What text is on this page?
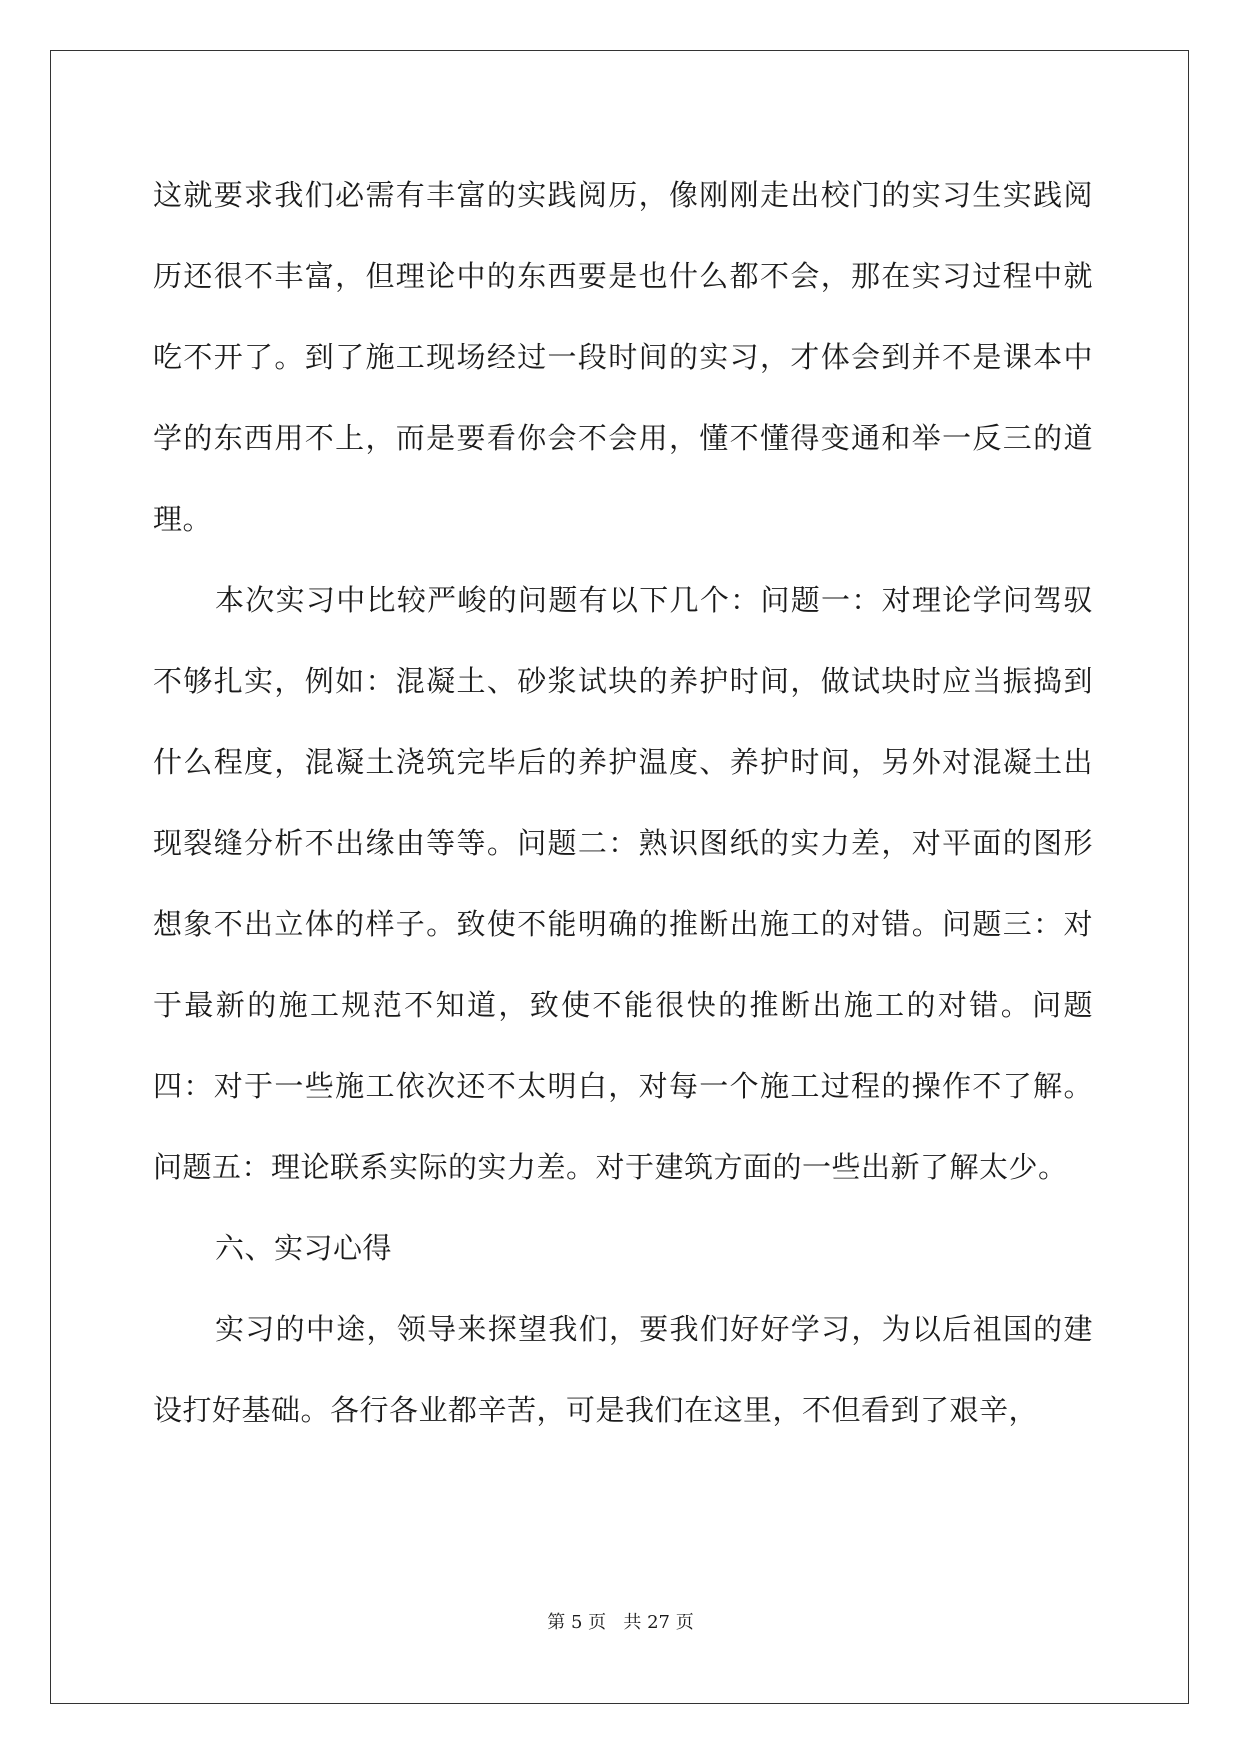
这就要求我们必需有丰富的实践阅历，像刚刚走出校门的实习生实践阅历还很不丰富，但理论中的东西要是也什么都不会，那在实习过程中就吃不开了。到了施工现场经过一段时间的实习，才体会到并不是课本中学的东西用不上，而是要看你会不会用，懂不懂得变通和举一反三的道理。

本次实习中比较严峻的问题有以下几个：问题一：对理论学问驾驭不够扎实，例如：混凝土、砂浆试块的养护时间，做试块时应当振捣到什么程度，混凝土浇筑完毕后的养护温度、养护时间，另外对混凝土出现裂缝分析不出缘由等等。问题二：熟识图纸的实力差，对平面的图形想象不出立体的样子。致使不能明确的推断出施工的对错。问题三：对于最新的施工规范不知道，致使不能很快的推断出施工的对错。问题四：对于一些施工依次还不太明白，对每一个施工过程的操作不了解。问题五：理论联系实际的实力差。对于建筑方面的一些出新了解太少。

六、实习心得

实习的中途，领导来探望我们，要我们好好学习，为以后祖国的建设打好基础。各行各业都辛苦，可是我们在这里，不但看到了艰辛，

第 5 页 共 27 页
